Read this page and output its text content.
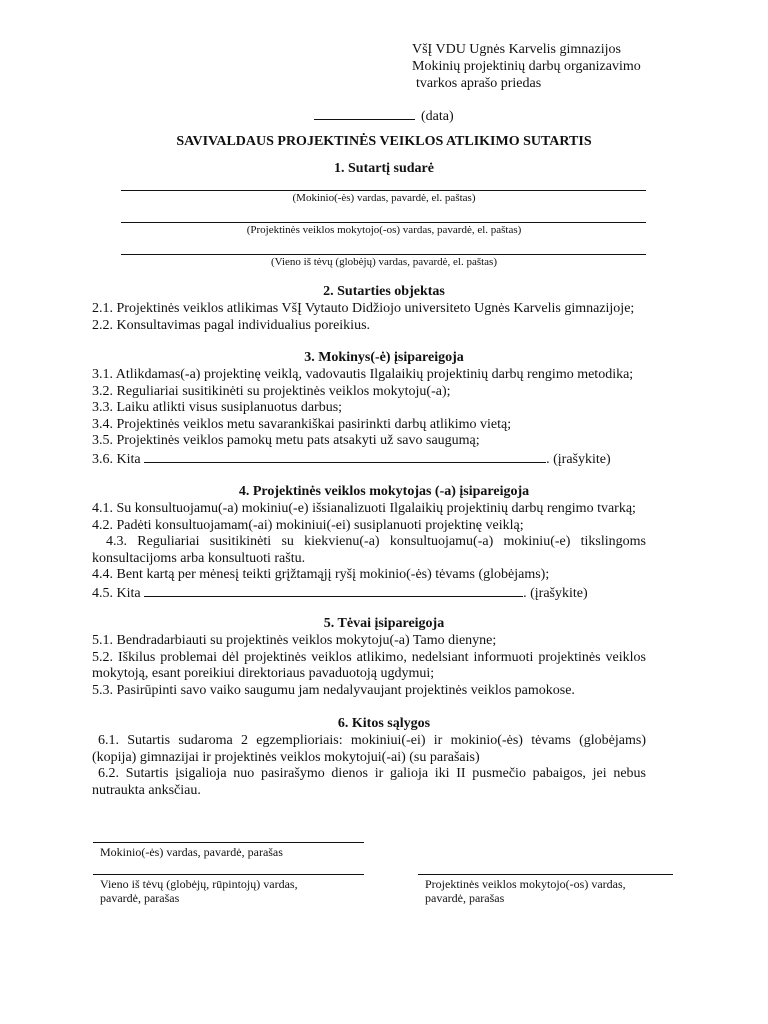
VšĮ VDU Ugnės Karvelis gimnazijos
Mokinių projektinių darbų organizavimo
tvarkos aprašo priedas
(data)
SAVIVALDAUS PROJEKTINĖS VEIKLOS ATLIKIMO SUTARTIS
1. Sutartį sudarė
(Mokinio(-ės) vardas, pavardė, el. paštas)
(Projektinės veiklos mokytojo(-os) vardas, pavardė, el. paštas)
(Vieno iš tėvų (globėjų) vardas, pavardė, el. paštas)
2. Sutarties objektas
2.1. Projektinės veiklos atlikimas VšĮ Vytauto Didžiojo universiteto Ugnės Karvelis gimnazijoje;
2.2. Konsultavimas pagal individualius poreikius.
3. Mokinys(-ė) įsipareigoja
3.1. Atlikdamas(-a) projektinę veiklą, vadovautis Ilgalaikių projektinių darbų rengimo metodika;
3.2. Reguliariai susitikinėti su projektinės veiklos mokytoju(-a);
3.3. Laiku atlikti visus susiplanuotus darbus;
3.4. Projektinės veiklos metu savarankiškai pasirinkti darbų atlikimo vietą;
3.5. Projektinės veiklos pamokų metu pats atsakyti už savo saugumą;
3.6. Kita	. (įrašykite)
4. Projektinės veiklos mokytojas (-a) įsipareigoja
4.1. Su konsultuojamu(-a) mokiniu(-e) išsianalizuoti Ilgalaikių projektinių darbų rengimo tvarką;
4.2. Padėti konsultuojamam(-ai) mokiniui(-ei) susiplanuoti projektinę veiklą;
4.3. Reguliariai susitikinėti su kiekvienu(-a) konsultuojamu(-a) mokiniu(-e) tikslingoms konsultacijoms arba konsultuoti raštu.
4.4. Bent kartą per mėnesį teikti grįžtamąjį ryšį mokinio(-ės) tėvams (globėjams);
4.5. Kita	. (įrašykite)
5. Tėvai įsipareigoja
5.1. Bendradarbiauti su projektinės veiklos mokytoju(-a) Tamo dienyne;
5.2. Iškilus problemai dėl projektinės veiklos atlikimo, nedelsiant informuoti projektinės veiklos mokytoją, esant poreikiui direktoriaus pavaduotoją ugdymui;
5.3. Pasirūpinti savo vaiko saugumu jam nedalyvaujant projektinės veiklos pamokose.
6. Kitos sąlygos
6.1. Sutartis sudaroma 2 egzemplioriais: mokiniui(-ei) ir mokinio(-ės) tėvams (globėjams) (kopija) gimnazijai ir projektinės veiklos mokytojui(-ai) (su parašais)
6.2. Sutartis įsigalioja nuo pasirašymo dienos ir galioja iki II pusmečio pabaigos, jei nebus nutraukta anksčiau.
Mokinio(-ės) vardas, pavardė, parašas
Vieno iš tėvų (globėjų, rūpintojų) vardas,
pavardė, parašas
Projektinės veiklos mokytojo(-os) vardas,
pavardė, parašas
